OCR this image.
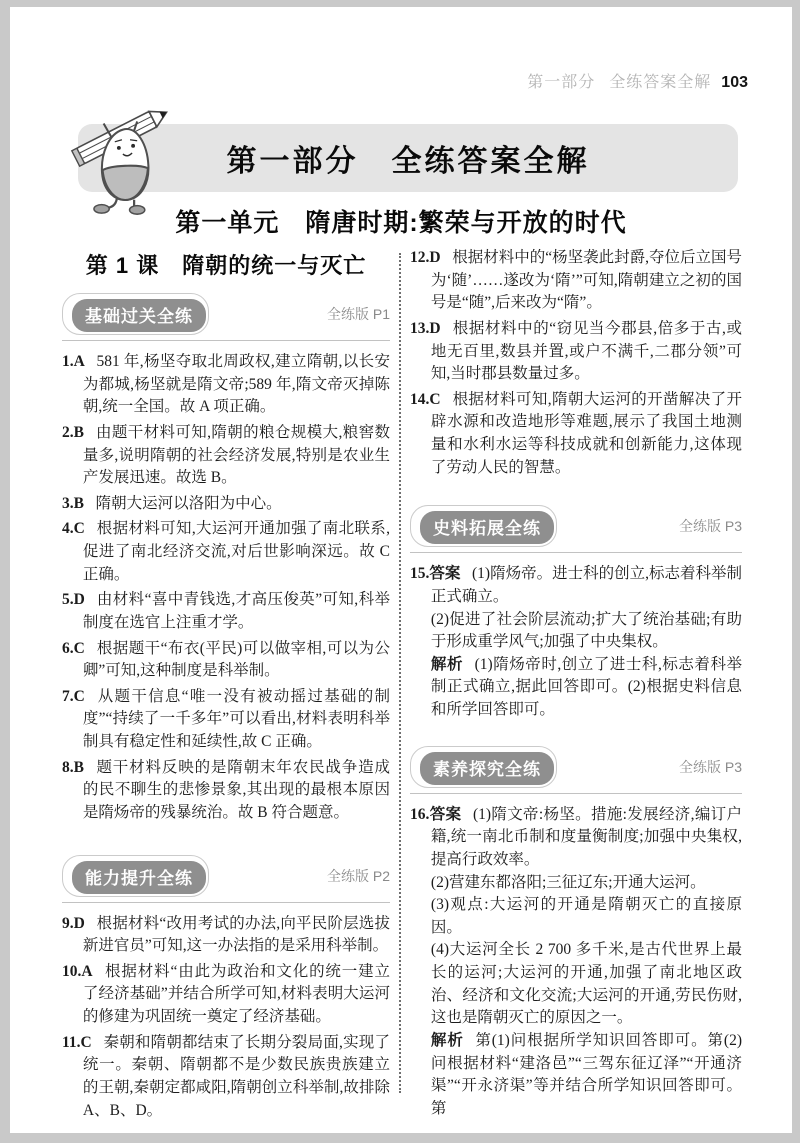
第一部分 全练答案全解 103
第一部分　全练答案全解
第一单元　隋唐时期:繁荣与开放的时代
第 1 课　隋朝的统一与灭亡
基础过关全练	全练版 P1

1.A 581 年,杨坚夺取北周政权,建立隋朝,以长安为都城,杨坚就是隋文帝;589 年,隋文帝灭掉陈朝,统一全国。故 A 项正确。

2.B 由题干材料可知,隋朝的粮仓规模大,粮窖数量多,说明隋朝的社会经济发展,特别是农业生产发展迅速。故选 B。

3.B 隋朝大运河以洛阳为中心。

4.C 根据材料可知,大运河开通加强了南北联系,促进了南北经济交流,对后世影响深远。故 C 正确。

5.D 由材料“喜中青钱选,才高压俊英”可知,科举制度在选官上注重才学。

6.C 根据题干“布衣(平民)可以做宰相,可以为公卿”可知,这种制度是科举制。

7.C 从题干信息“唯一没有被动摇过基础的制度”“持续了一千多年”可以看出,材料表明科举制具有稳定性和延续性,故 C 正确。

8.B 题干材料反映的是隋朝末年农民战争造成的民不聊生的悲惨景象,其出现的最根本原因是隋炀帝的残暴统治。故 B 符合题意。

能力提升全练	全练版 P2

9.D 根据材料“改用考试的办法,向平民阶层选拔新进官员”可知,这一办法指的是采用科举制。

10.A 根据材料“由此为政治和文化的统一建立了经济基础”并结合所学可知,材料表明大运河的修建为巩固统一奠定了经济基础。

11.C 秦朝和隋朝都结束了长期分裂局面,实现了统一。秦朝、隋朝都不是少数民族贵族建立的王朝,秦朝定都咸阳,隋朝创立科举制,故排除 A、B、D。

12.D 根据材料中的“杨坚袭此封爵,夺位后立国号为‘随’……遂改为‘隋’”可知,隋朝建立之初的国号是“随”,后来改为“隋”。

13.D 根据材料中的“窃见当今郡县,倍多于古,或地无百里,数县并置,或户不满千,二郡分领”可知,当时郡县数量过多。

14.C 根据材料可知,隋朝大运河的开凿解决了开辟水源和改造地形等难题,展示了我国土地测量和水利水运等科技成就和创新能力,这体现了劳动人民的智慧。

史料拓展全练	全练版 P3

15.答案 (1)隋炀帝。进士科的创立,标志着科举制正式确立。

(2)促进了社会阶层流动;扩大了统治基础;有助于形成重学风气;加强了中央集权。

解析 (1)隋炀帝时,创立了进士科,标志着科举制正式确立,据此回答即可。(2)根据史料信息和所学回答即可。

素养探究全练	全练版 P3

16.答案 (1)隋文帝:杨坚。措施:发展经济,编订户籍,统一南北币制和度量衡制度;加强中央集权,提高行政效率。

(2)营建东都洛阳;三征辽东;开通大运河。

(3)观点:大运河的开通是隋朝灭亡的直接原因。

(4)大运河全长 2 700 多千米,是古代世界上最长的运河;大运河的开通,加强了南北地区政治、经济和文化交流;大运河的开通,劳民伤财,这也是隋朝灭亡的原因之一。

解析 第(1)问根据所学知识回答即可。第(2)问根据材料“建洛邑”“三驾东征辽泽”“开通济渠”“开永济渠”等并结合所学知识回答即可。第
